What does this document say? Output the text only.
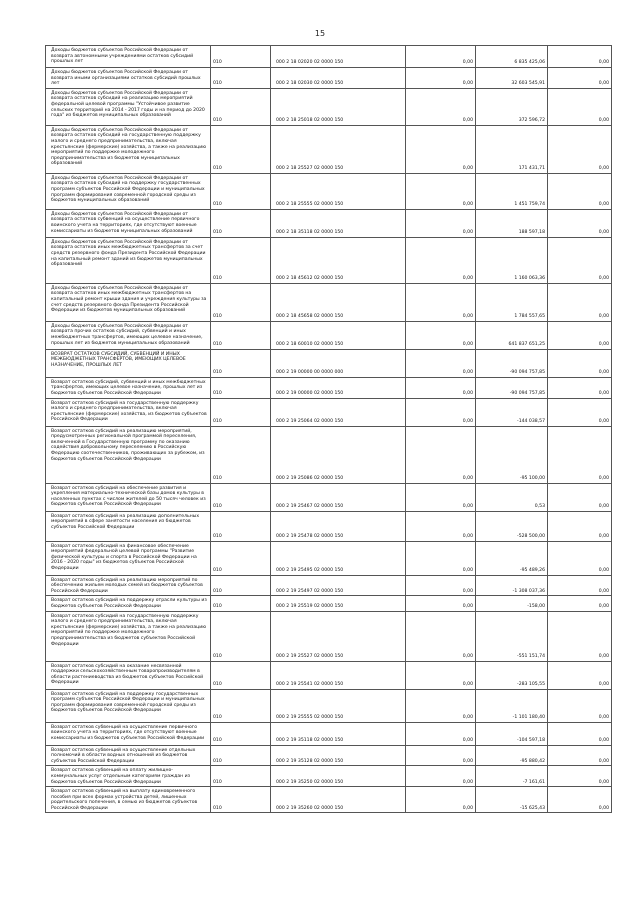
15
Доходы бюджетов субъектов Российской Федерации от возврата автономными учреждениями остатков субсидий прошлых лет	010	000 2 18 02020 02 0000 150	0,00	6 835 425,06	0,00
Доходы бюджетов субъектов Российской Федерации от возврата иными организациями остатков субсидий прошлых лет	010	000 2 18 02030 02 0000 150	0,00	32 603 545,91	0,00
Доходы бюджетов субъектов Российской Федерации от возврата остатков субсидий на реализацию мероприятий федеральной целевой программы "Устойчивое развитие сельских территорий на 2014 - 2017 годы и на период до 2020 года" из бюджетов муниципальных образований	010	000 2 18 25018 02 0000 150	0,00	372 596,72	0,00
Доходы бюджетов субъектов Российской Федерации от возврата остатков субсидий на государственную поддержку малого и среднего предпринимательства, включая крестьянские (фермерские) хозяйства, а также на реализацию мероприятий по поддержке молодежного предпринимательства из бюджетов муниципальных образований	010	000 2 18 25527 02 0000 150	0,00	171 431,71	0,00
Доходы бюджетов субъектов Российской Федерации от возврата остатков субсидий на поддержку государственных программ субъектов Российской Федерации и муниципальных программ формирования современной городской среды из бюджетов муниципальных образований	010	000 2 18 25555 02 0000 150	0,00	1 451 759,74	0,00
Доходы бюджетов субъектов Российской Федерации от возврата остатков субвенций на осуществление первичного воинского учета на территориях, где отсутствуют военные комиссариаты из бюджетов муниципальных образований	010	000 2 18 35118 02 0000 150	0,00	188 597,18	0,00
Доходы бюджетов субъектов Российской Федерации от возврата остатков иных межбюджетных трансфертов за счет средств резервного фонда Президента Российской Федерации на капитальный ремонт зданий из бюджетов муниципальных образований	010	000 2 18 45612 02 0000 150	0,00	1 160 063,36	0,00
Доходы бюджетов субъектов Российской Федерации от возврата остатков иных межбюджетных трансфертов на капитальный ремонт крыши здания и учреждения культуры за счет средств резервного фонда Президента Российской Федерации из бюджетов муниципальных образований	010	000 2 18 45658 02 0000 150	0,00	1 784 557,65	0,00
Доходы бюджетов субъектов Российской Федерации от возврата прочих остатков субсидий, субвенций и иных межбюджетных трансфертов, имеющих целевое назначение, прошлых лет из бюджетов муниципальных образований	010	000 2 18 60010 02 0000 150	0,00	641 837 651,25	0,00
ВОЗВРАТ ОСТАТКОВ СУБСИДИЙ, СУБВЕНЦИЙ И ИНЫХ МЕЖБЮДЖЕТНЫХ ТРАНСФЕРТОВ, ИМЕЮЩИХ ЦЕЛЕВОЕ НАЗНАЧЕНИЕ, ПРОШЛЫХ ЛЕТ	010	000 2 19 00000 00 0000 000	0,00	-90 094 757,85	0,00
Возврат остатков субсидий, субвенций и иных межбюджетных трансфертов, имеющих целевое назначение, прошлых лет из бюджетов субъектов Российской Федерации	010	000 2 19 00000 02 0000 150	0,00	-90 094 757,85	0,00
Возврат остатков субсидий на государственную поддержку малого и среднего предпринимательства, включая крестьянские (фермерские) хозяйства, из бюджетов субъектов Российской Федерации	010	000 2 19 25064 02 0000 150	0,00	-144 038,57	0,00
Возврат остатков субсидий на реализацию мероприятий, предусмотренных региональной программой переселения, включенной в Государственную программу по оказанию содействия добровольному переселению в Российскую Федерацию соотечественников, проживающих за рубежом, из бюджетов субъектов Российской Федерации	010	000 2 19 25086 02 0000 150	0,00	-95 100,00	0,00
Возврат остатков субсидий на обеспечение развития и укрепления материально-технической базы домов культуры в населенных пунктах с числом жителей до 50 тысяч человек из бюджетов субъектов Российской Федерации	010	000 2 19 25467 02 0000 150	0,00	0,53	0,00
Возврат остатков субсидий на реализацию дополнительных мероприятий в сфере занятости населения из бюджетов субъектов Российской Федерации	010	000 2 19 25478 02 0000 150	0,00	-528 500,00	0,00
Возврат остатков субсидий на финансовое обеспечение мероприятий федеральной целевой программы "Развитие физической культуры и спорта в Российской Федерации на 2016 - 2020 годы" из бюджетов субъектов Российской Федерации	010	000 2 19 25495 02 0000 150	0,00	-95 489,26	0,00
Возврат остатков субсидий на реализацию мероприятий по обеспечению жильем молодых семей из бюджетов субъектов Российской Федерации	010	000 2 19 25497 02 0000 150	0,00	-1 308 037,36	0,00
Возврат остатков субсидий на поддержку отрасли культуры из бюджетов субъектов Российской Федерации	010	000 2 19 25519 02 0000 150	0,00	-158,00	0,00
Возврат остатков субсидий на государственную поддержку малого и среднего предпринимательства, включая крестьянские (фермерские) хозяйства, а также на реализацию мероприятий по поддержке молодежного предпринимательства из бюджетов субъектов Российской Федерации	010	000 2 19 25527 02 0000 150	0,00	-551 151,74	0,00
Возврат остатков субсидий на оказание несвязанной поддержки сельскохозяйственным товаропроизводителям в области растениеводства из бюджетов субъектов Российской Федерации	010	000 2 19 25541 02 0000 150	0,00	-283 105,55	0,00
Возврат остатков субсидий на поддержку государственных программ субъектов Российской Федерации и муниципальных программ формирования современной городской среды из бюджетов субъектов Российской Федерации	010	000 2 19 25555 02 0000 150	0,00	-1 101 180,40	0,00
Возврат остатков субвенций на осуществление первичного воинского учета на территориях, где отсутствуют военные комиссариаты из бюджетов субъектов Российской Федерации	010	000 2 19 35118 02 0000 150	0,00	-104 597,18	0,00
Возврат остатков субвенций на осуществление отдельных полномочий в области водных отношений из бюджетов субъектов Российской Федерации	010	000 2 19 35128 02 0000 150	0,00	-95 880,42	0,00
Возврат остатков субвенций на оплату жилищно-коммунальных услуг отдельным категориям граждан из бюджетов субъектов Российской Федерации	010	000 2 19 35250 02 0000 150	0,00	-7 161,61	0,00
Возврат остатков субвенций на выплату единовременного пособия при всех формах устройства детей, лишенных родительского попечения, в семью из бюджетов субъектов Российской Федерации	010	000 2 19 35260 02 0000 150	0,00	-15 625,43	0,00
